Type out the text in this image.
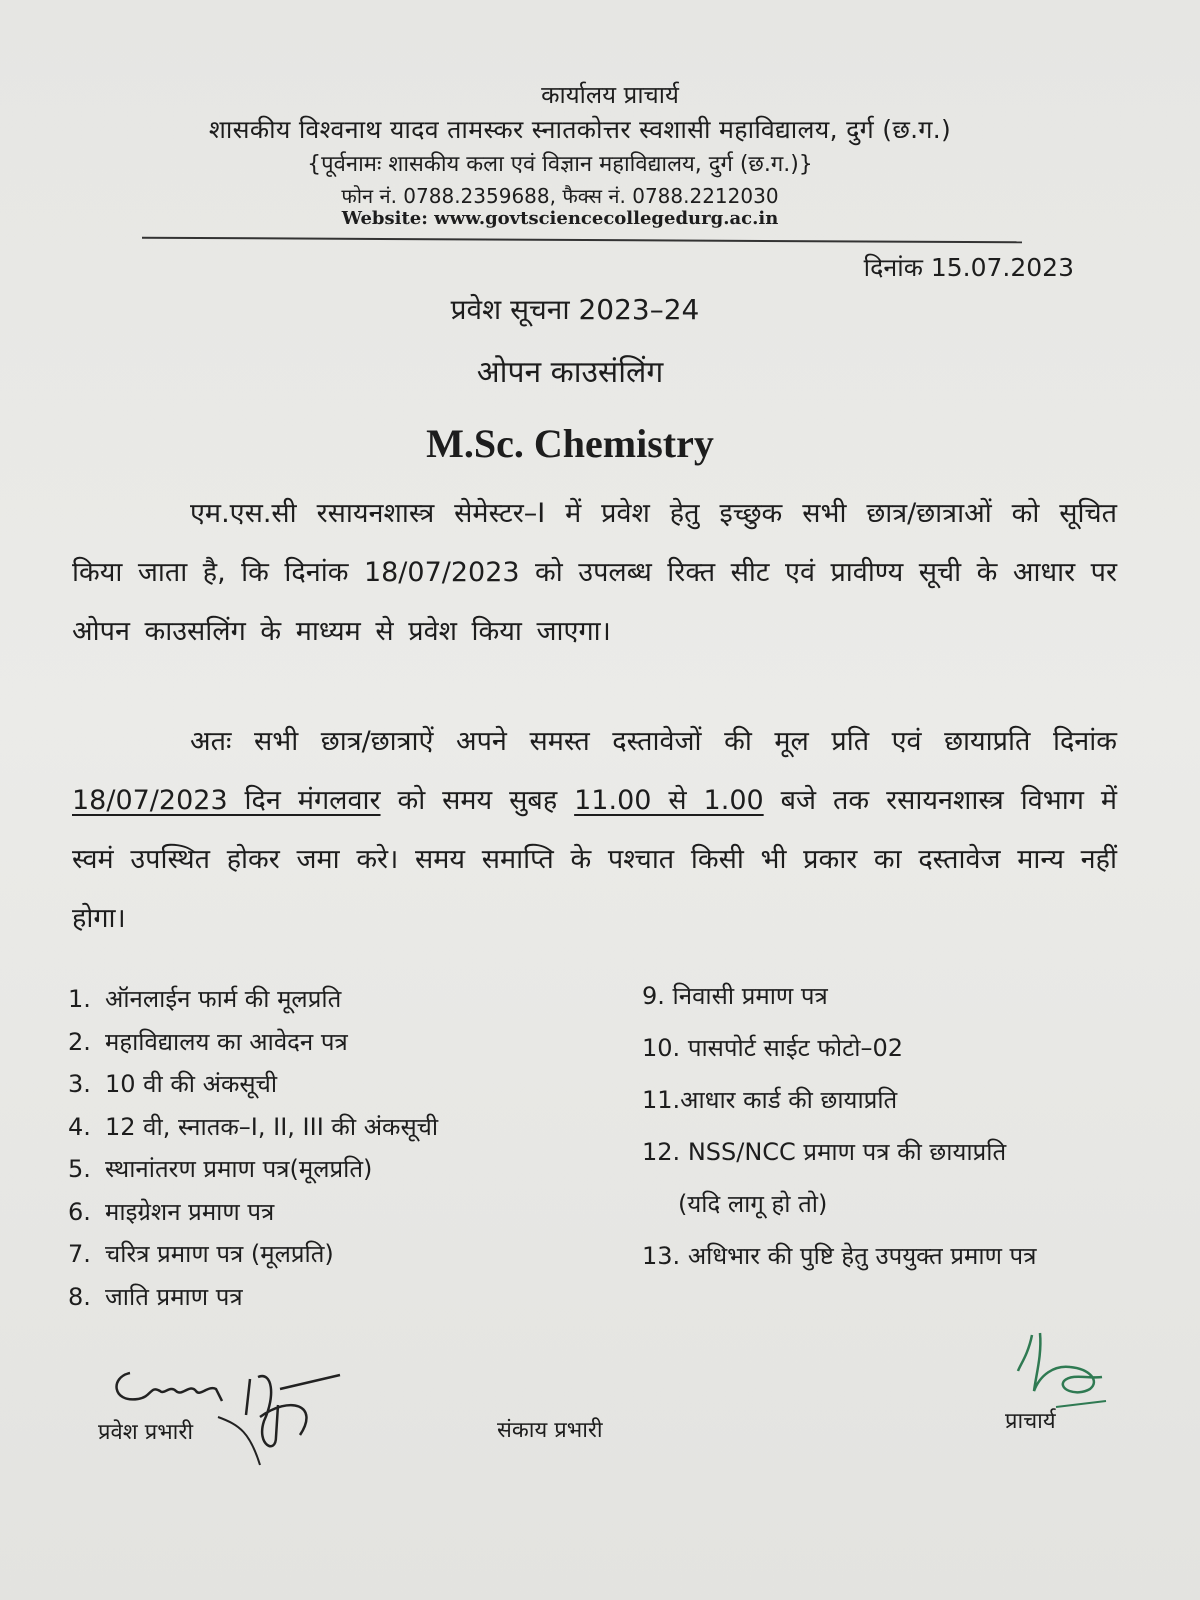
कार्यालय प्राचार्य
शासकीय विश्वनाथ यादव तामस्कर स्नातकोत्तर स्वशासी महाविद्यालय, दुर्ग (छ.ग.)
{पूर्वनामः शासकीय कला एवं विज्ञान महाविद्यालय, दुर्ग (छ.ग.)}
फोन नं. 0788.2359688, फैक्स नं. 0788.2212030
Website: www.govtsciencecollegedurg.ac.in
दिनांक 15.07.2023
प्रवेश सूचना 2023–24
ओपन काउसंलिंग
M.Sc. Chemistry
एम.एस.सी रसायनशास्त्र सेमेस्टर–I में प्रवेश हेतु इच्छुक सभी छात्र/छात्राओं को सूचित किया जाता है, कि दिनांक 18/07/2023 को उपलब्ध रिक्त सीट एवं प्रावीण्य सूची के आधार पर ओपन काउसलिंग के माध्यम से प्रवेश किया जाएगा।
अतः सभी छात्र/छात्राऐं अपने समस्त दस्तावेजों की मूल प्रति एवं छायाप्रति दिनांक 18/07/2023 दिन मंगलवार को समय सुबह 11.00 से 1.00 बजे तक रसायनशास्त्र विभाग में स्वमं उपस्थित होकर जमा करे। समय समाप्ति के पश्चात किसी भी प्रकार का दस्तावेज मान्य नहीं होगा।
1. ऑनलाईन फार्म की मूलप्रति
2. महाविद्यालय का आवेदन पत्र
3. 10 वी की अंकसूची
4. 12 वी, स्नातक–I, II, III की अंकसूची
5. स्थानांतरण प्रमाण पत्र(मूलप्रति)
6. माइग्रेशन प्रमाण पत्र
7. चरित्र प्रमाण पत्र (मूलप्रति)
8. जाति प्रमाण पत्र
9. निवासी प्रमाण पत्र
10. पासपोर्ट साईट फोटो–02
11.आधार कार्ड की छायाप्रति
12. NSS/NCC प्रमाण पत्र की छायाप्रति
(यदि लागू हो तो)
13. अधिभार की पुष्टि हेतु उपयुक्त प्रमाण पत्र
प्रवेश प्रभारी	संकाय प्रभारी	प्राचार्य
